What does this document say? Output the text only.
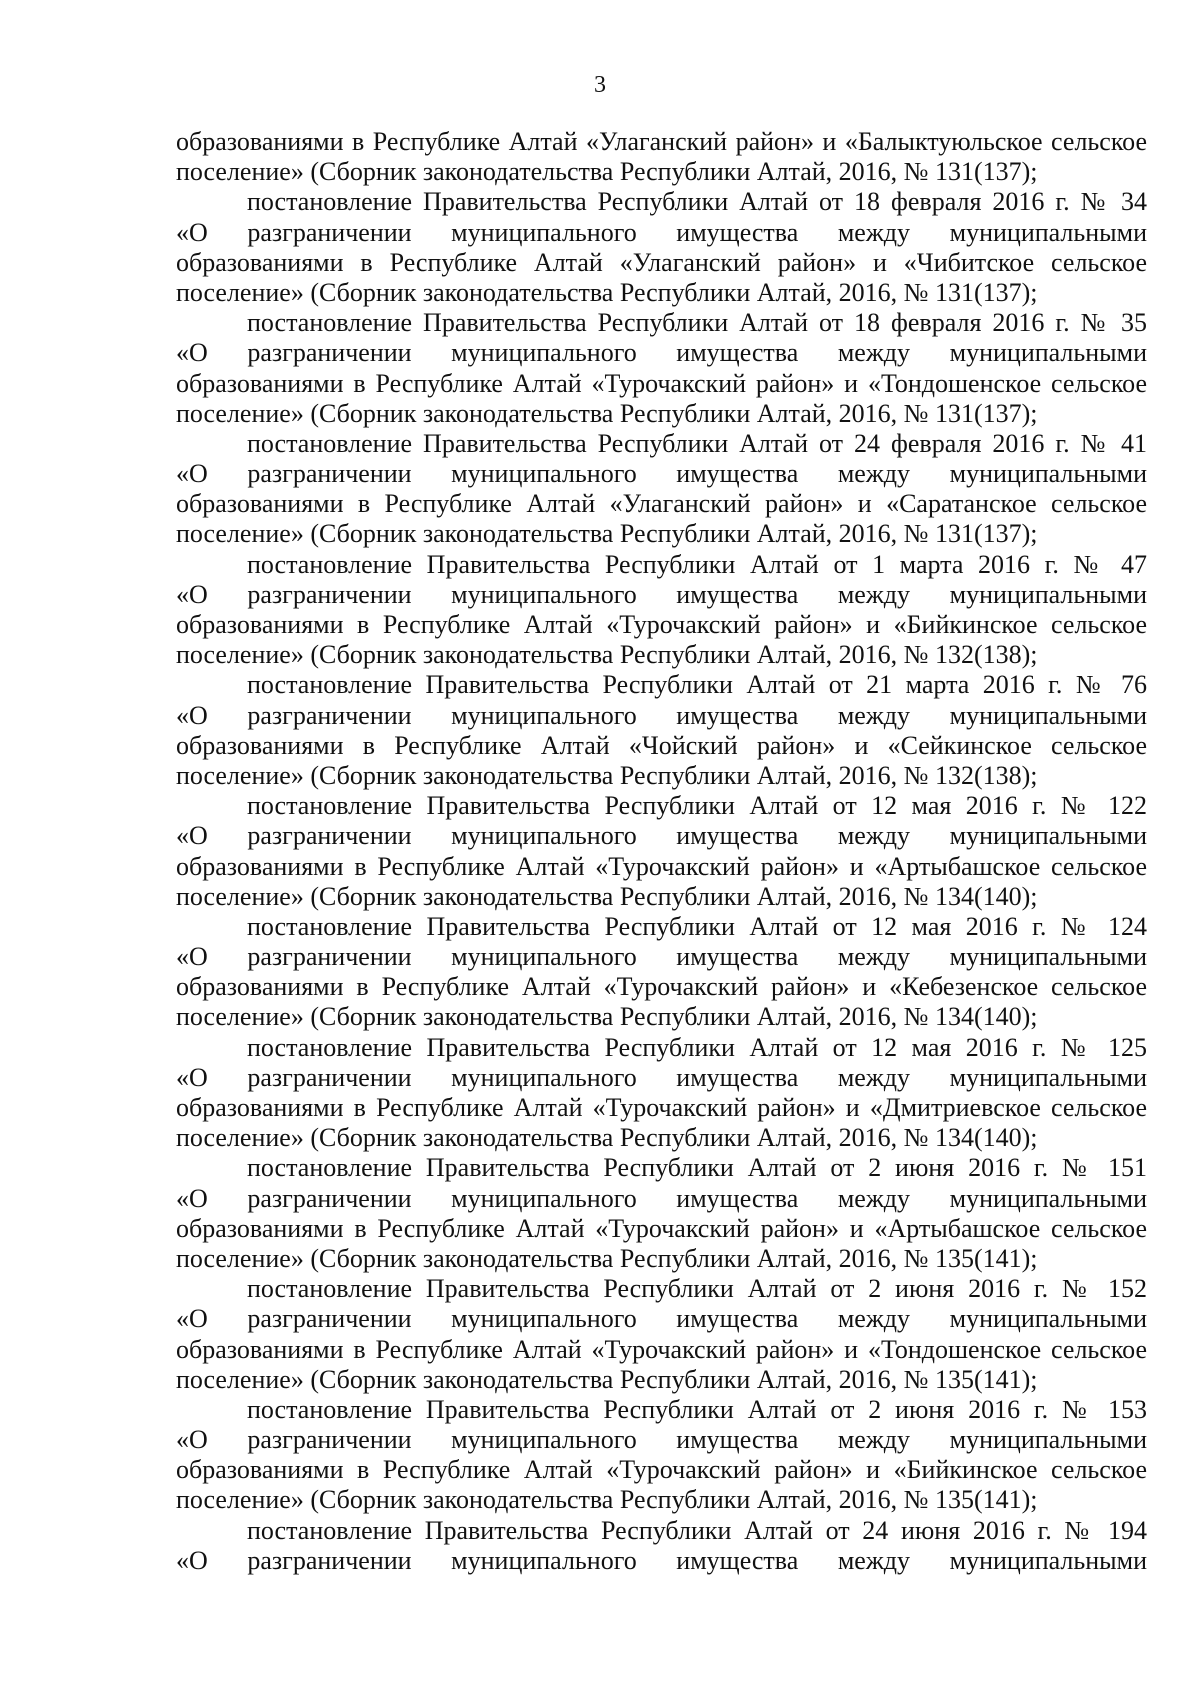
3
образованиями в Республике Алтай «Улаганский район» и «Балыктуюльское сельское
поселение» (Сборник законодательства Республики Алтай, 2016, № 131(137);
постановление Правительства Республики Алтай от 18 февраля 2016 г. № 34
«О разграничении муниципального имущества между муниципальными
образованиями в Республике Алтай «Улаганский район» и «Чибитское сельское
поселение» (Сборник законодательства Республики Алтай, 2016, № 131(137);
постановление Правительства Республики Алтай от 18 февраля 2016 г. № 35
«О разграничении муниципального имущества между муниципальными
образованиями в Республике Алтай «Турочакский район» и «Тондошенское сельское
поселение» (Сборник законодательства Республики Алтай, 2016, № 131(137);
постановление Правительства Республики Алтай от 24 февраля 2016 г. № 41
«О разграничении муниципального имущества между муниципальными
образованиями в Республике Алтай «Улаганский район» и «Саратанское сельское
поселение» (Сборник законодательства Республики Алтай, 2016, № 131(137);
постановление Правительства Республики Алтай от 1 марта 2016 г. № 47
«О разграничении муниципального имущества между муниципальными
образованиями в Республике Алтай «Турочакский район» и «Бийкинское сельское
поселение» (Сборник законодательства Республики Алтай, 2016, № 132(138);
постановление Правительства Республики Алтай от 21 марта 2016 г. № 76
«О разграничении муниципального имущества между муниципальными
образованиями в Республике Алтай «Чойский район» и «Сейкинское сельское
поселение» (Сборник законодательства Республики Алтай, 2016, № 132(138);
постановление Правительства Республики Алтай от 12 мая 2016 г. № 122
«О разграничении муниципального имущества между муниципальными
образованиями в Республике Алтай «Турочакский район» и «Артыбашское сельское
поселение» (Сборник законодательства Республики Алтай, 2016, № 134(140);
постановление Правительства Республики Алтай от 12 мая 2016 г. № 124
«О разграничении муниципального имущества между муниципальными
образованиями в Республике Алтай «Турочакский район» и «Кебезенское сельское
поселение» (Сборник законодательства Республики Алтай, 2016, № 134(140);
постановление Правительства Республики Алтай от 12 мая 2016 г. № 125
«О разграничении муниципального имущества между муниципальными
образованиями в Республике Алтай «Турочакский район» и «Дмитриевское сельское
поселение» (Сборник законодательства Республики Алтай, 2016, № 134(140);
постановление Правительства Республики Алтай от 2 июня 2016 г. № 151
«О разграничении муниципального имущества между муниципальными
образованиями в Республике Алтай «Турочакский район» и «Артыбашское сельское
поселение» (Сборник законодательства Республики Алтай, 2016, № 135(141);
постановление Правительства Республики Алтай от 2 июня 2016 г. № 152
«О разграничении муниципального имущества между муниципальными
образованиями в Республике Алтай «Турочакский район» и «Тондошенское сельское
поселение» (Сборник законодательства Республики Алтай, 2016, № 135(141);
постановление Правительства Республики Алтай от 2 июня 2016 г. № 153
«О разграничении муниципального имущества между муниципальными
образованиями в Республике Алтай «Турочакский район» и «Бийкинское сельское
поселение» (Сборник законодательства Республики Алтай, 2016, № 135(141);
постановление Правительства Республики Алтай от 24 июня 2016 г. № 194
«О разграничении муниципального имущества между муниципальными
